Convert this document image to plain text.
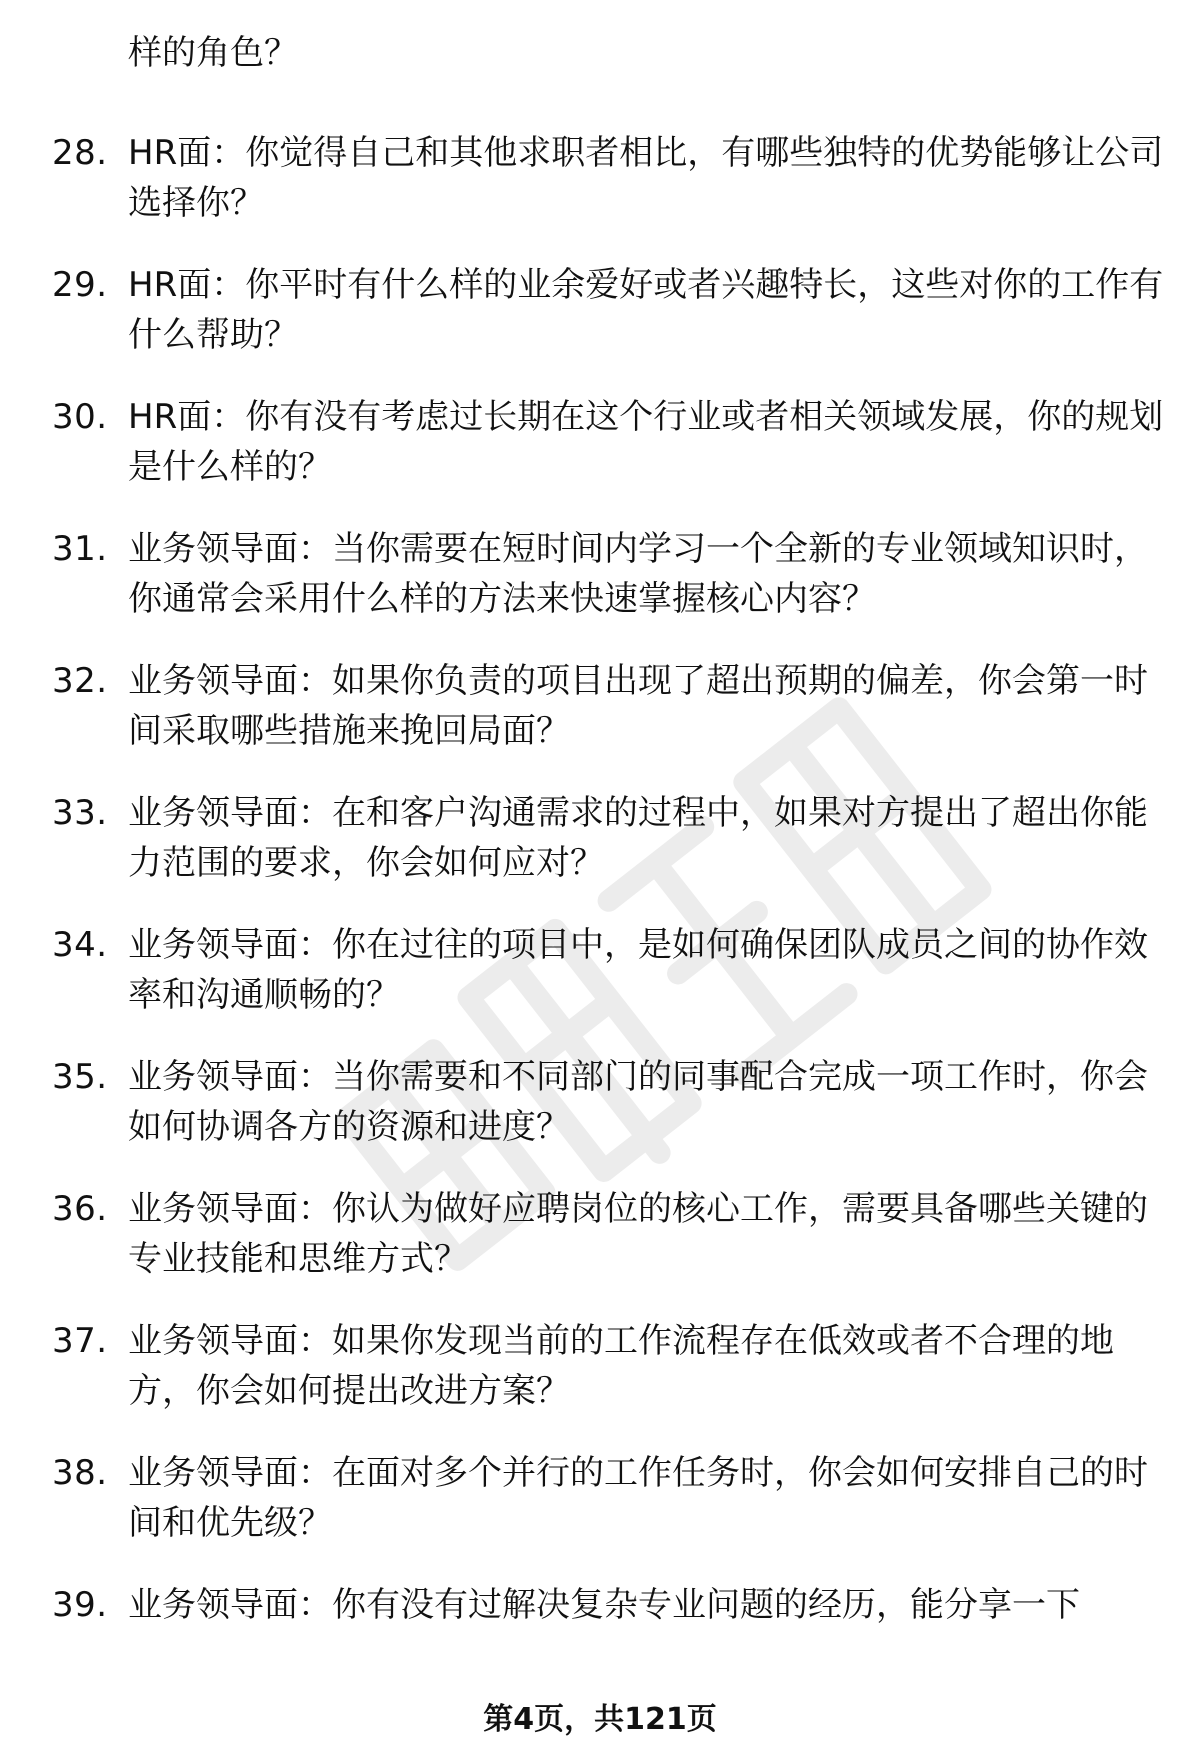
样的角色？
28. HR面：你觉得自己和其他求职者相比，有哪些独特的优势能够让公司选择你？
29. HR面：你平时有什么样的业余爱好或者兴趣特长，这些对你的工作有什么帮助？
30. HR面：你有没有考虑过长期在这个行业或者相关领域发展，你的规划是什么样的？
31. 业务领导面：当你需要在短时间内学习一个全新的专业领域知识时，你通常会采用什么样的方法来快速掌握核心内容？
32. 业务领导面：如果你负责的项目出现了超出预期的偏差，你会第一时间采取哪些措施来挽回局面？
33. 业务领导面：在和客户沟通需求的过程中，如果对方提出了超出你能力范围的要求，你会如何应对？
34. 业务领导面：你在过往的项目中，是如何确保团队成员之间的协作效率和沟通顺畅的？
35. 业务领导面：当你需要和不同部门的同事配合完成一项工作时，你会如何协调各方的资源和进度？
36. 业务领导面：你认为做好应聘岗位的核心工作，需要具备哪些关键的专业技能和思维方式？
37. 业务领导面：如果你发现当前的工作流程存在低效或者不合理的地方，你会如何提出改进方案？
38. 业务领导面：在面对多个并行的工作任务时，你会如何安排自己的时间和优先级？
39. 业务领导面：你有没有过解决复杂专业问题的经历，能分享一下
第4页，共121页
